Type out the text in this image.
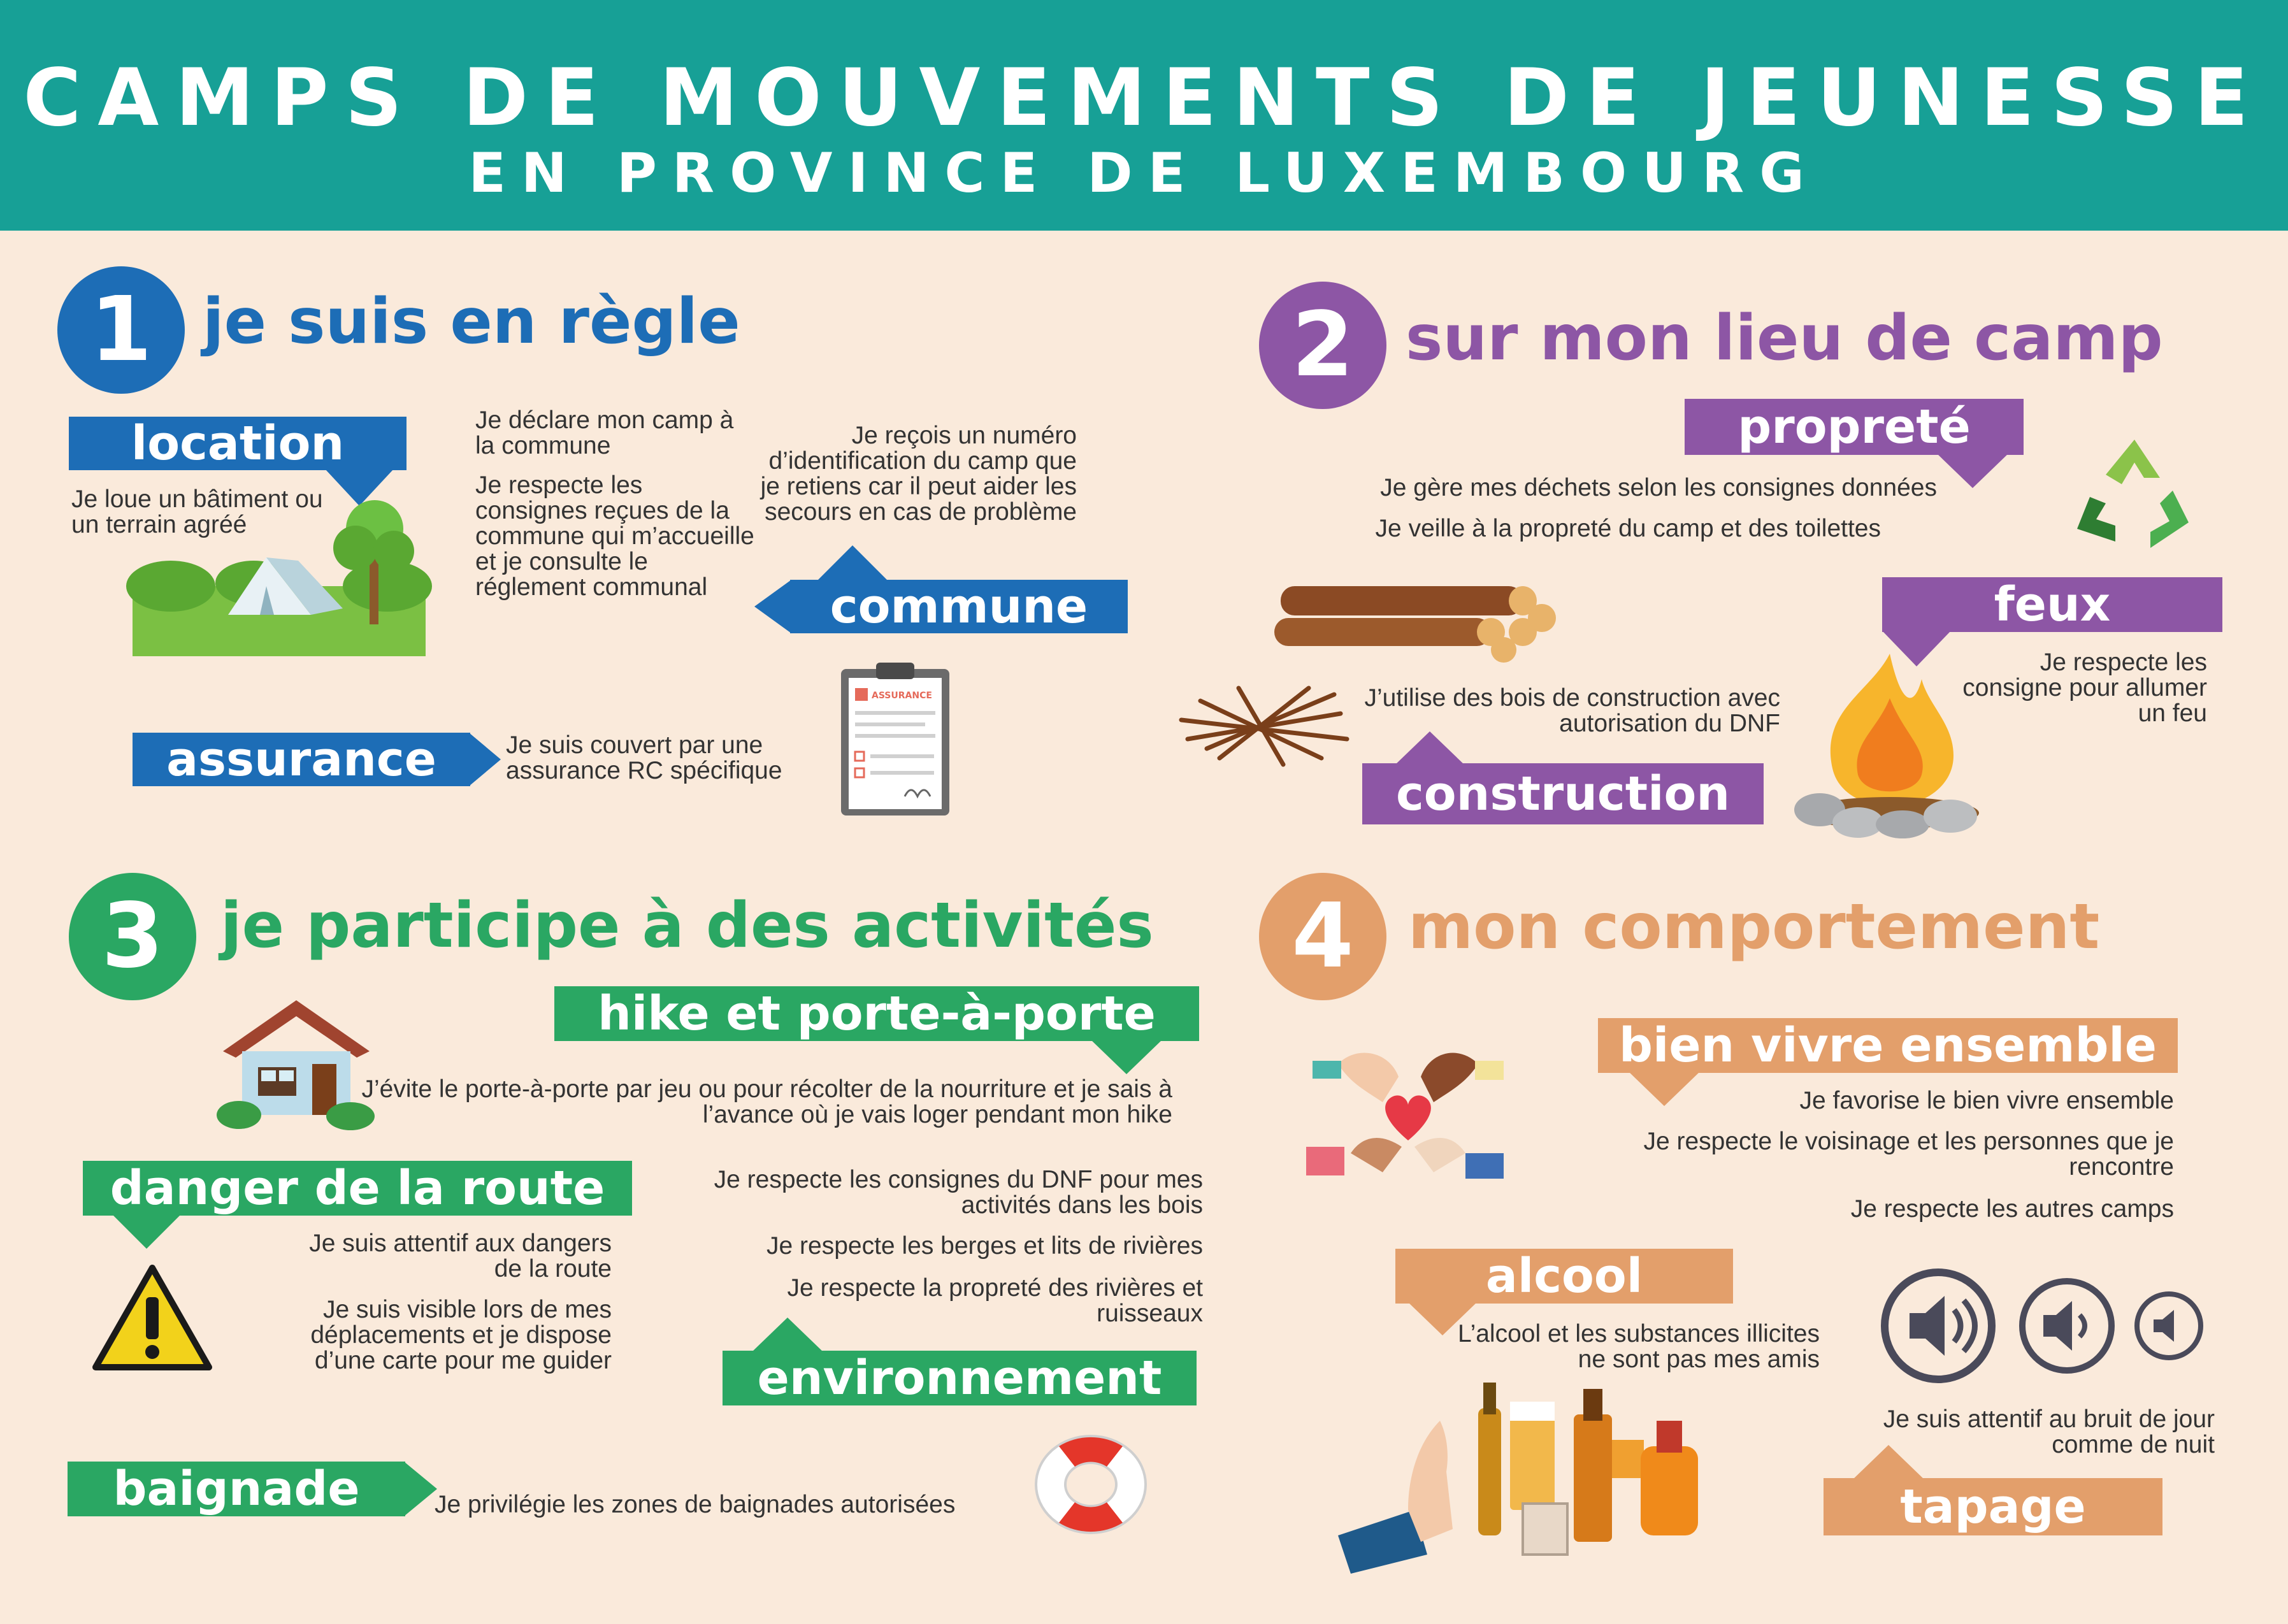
CAMPS DE MOUVEMENTS DE JEUNESSE
EN PROVINCE DE LUXEMBOURG
1 je suis en règle
location
Je loue un bâtiment ou un terrain agréé
Je déclare mon camp à la commune
Je respecte les consignes reçues de la commune qui m’accueille et je consulte le réglement communal
Je reçois un numéro d’identification du camp que je retiens car il peut aider les secours en cas de problème
commune
assurance	Je suis couvert par une assurance RC spécifique
ASSURANCE
2 sur mon lieu de camp
propreté
Je gère mes déchets selon les consignes données
Je veille à la propreté du camp et des toilettes
J’utilise des bois de construction avec autorisation du DNF
construction
feux
Je respecte les consigne pour allumer un feu
3 je participe à des activités
hike et porte-à-porte
J’évite le porte-à-porte par jeu ou pour récolter de la nourriture et je sais à l’avance où je vais loger pendant mon hike
danger de la route
Je suis attentif aux dangers de la route
Je suis visible lors de mes déplacements et je dispose d’une carte pour me guider
Je respecte les consignes du DNF pour mes activités dans les bois
Je respecte les berges et lits de rivières
Je respecte la propreté des rivières et ruisseaux
environnement
baignade	Je privilégie les zones de baignades autorisées
4 mon comportement
bien vivre ensemble
Je favorise le bien vivre ensemble
Je respecte le voisinage et les personnes que je rencontre
Je respecte les autres camps
alcool
L’alcool et les substances illicites ne sont pas mes amis
Je suis attentif au bruit de jour comme de nuit
tapage
